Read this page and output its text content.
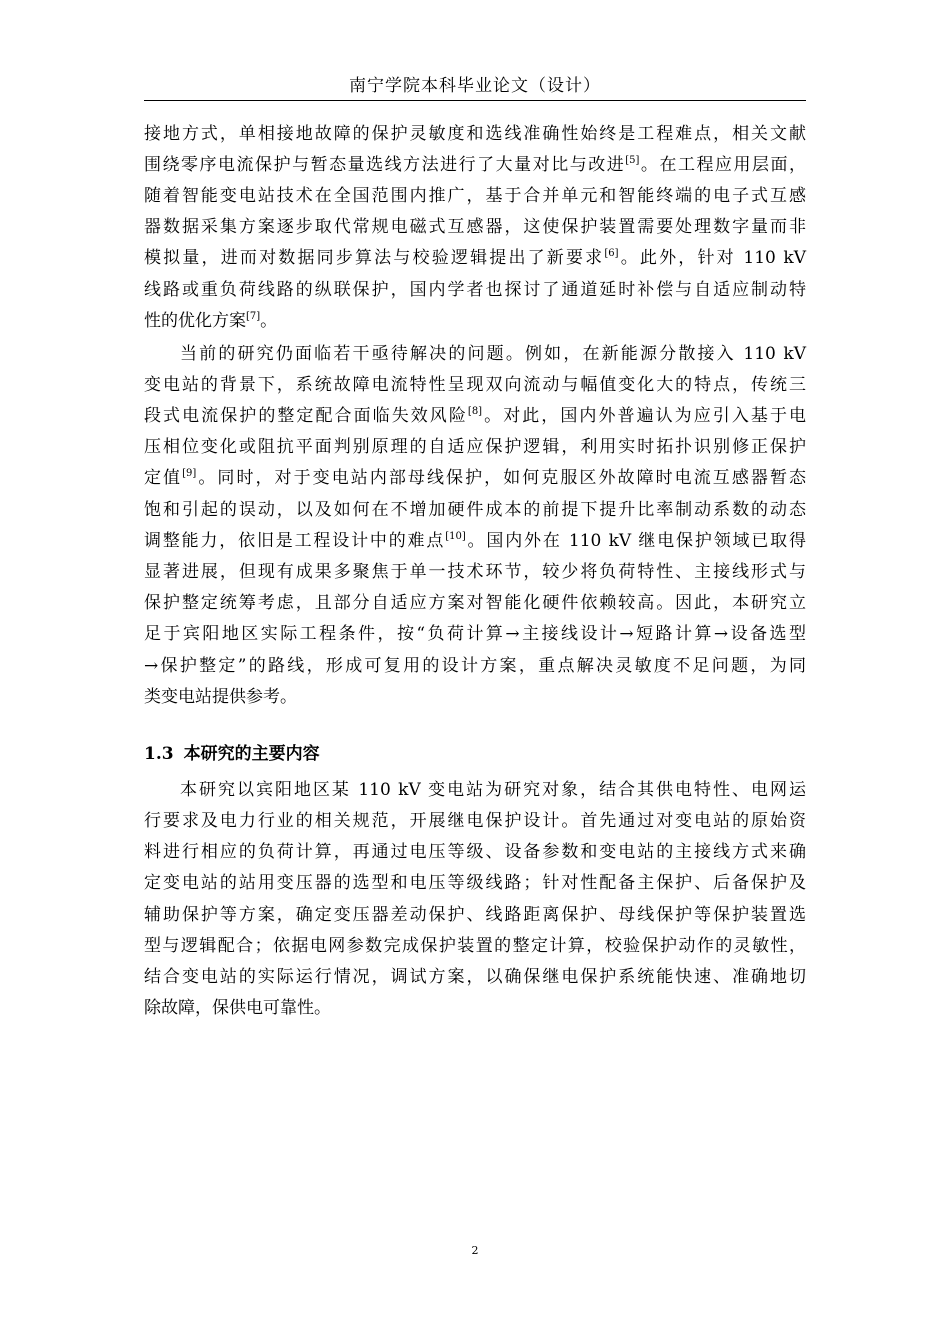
南宁学院本科毕业论文（设计）
接地方式，单相接地故障的保护灵敏度和选线准确性始终是工程难点，相关文献
围绕零序电流保护与暂态量选线方法进行了大量对比与改进[5]。在工程应用层面，
随着智能变电站技术在全国范围内推广，基于合并单元和智能终端的电子式互感
器数据采集方案逐步取代常规电磁式互感器，这使保护装置需要处理数字量而非
模拟量，进而对数据同步算法与校验逻辑提出了新要求[6]。此外，针对 110 kV
线路或重负荷线路的纵联保护，国内学者也探讨了通道延时补偿与自适应制动特
性的优化方案[7]。
当前的研究仍面临若干亟待解决的问题。例如，在新能源分散接入 110 kV
变电站的背景下，系统故障电流特性呈现双向流动与幅值变化大的特点，传统三
段式电流保护的整定配合面临失效风险[8]。对此，国内外普遍认为应引入基于电
压相位变化或阻抗平面判别原理的自适应保护逻辑，利用实时拓扑识别修正保护
定值[9]。同时，对于变电站内部母线保护，如何克服区外故障时电流互感器暂态
饱和引起的误动，以及如何在不增加硬件成本的前提下提升比率制动系数的动态
调整能力，依旧是工程设计中的难点[10]。国内外在 110 kV 继电保护领域已取得
显著进展，但现有成果多聚焦于单一技术环节，较少将负荷特性、主接线形式与
保护整定统筹考虑，且部分自适应方案对智能化硬件依赖较高。因此，本研究立
足于宾阳地区实际工程条件，按“负荷计算→主接线设计→短路计算→设备选型
→保护整定”的路线，形成可复用的设计方案，重点解决灵敏度不足问题，为同
类变电站提供参考。
1.3 本研究的主要内容
本研究以宾阳地区某 110 kV 变电站为研究对象，结合其供电特性、电网运
行要求及电力行业的相关规范，开展继电保护设计。首先通过对变电站的原始资
料进行相应的负荷计算，再通过电压等级、设备参数和变电站的主接线方式来确
定变电站的站用变压器的选型和电压等级线路；针对性配备主保护、后备保护及
辅助保护等方案，确定变压器差动保护、线路距离保护、母线保护等保护装置选
型与逻辑配合；依据电网参数完成保护装置的整定计算，校验保护动作的灵敏性，
结合变电站的实际运行情况，调试方案，以确保继电保护系统能快速、准确地切
除故障，保供电可靠性。
2
